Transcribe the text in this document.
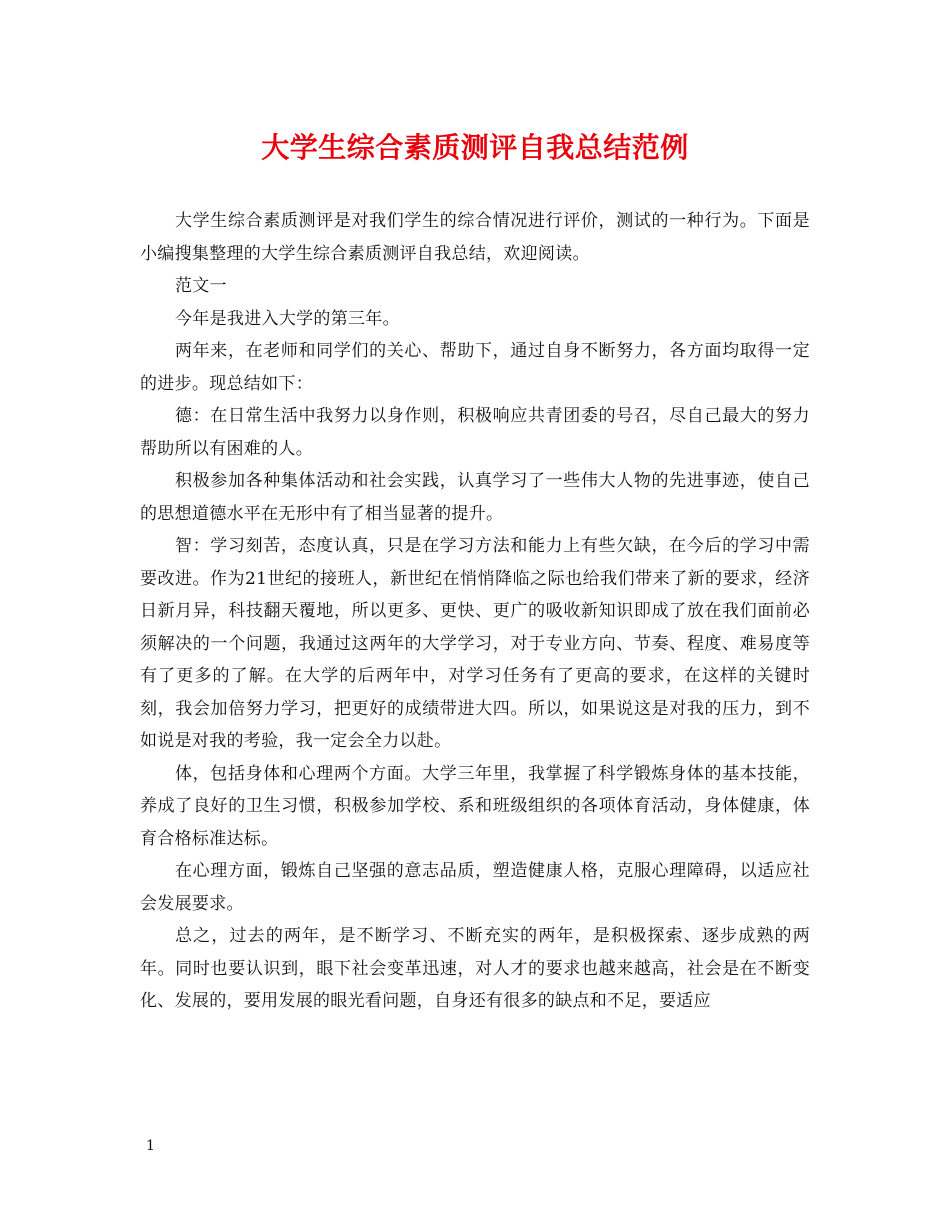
大学生综合素质测评自我总结范例

大学生综合素质测评是对我们学生的综合情况进行评价，测试的一种行为。下面是小编搜集整理的大学生综合素质测评自我总结，欢迎阅读。

范文一

今年是我进入大学的第三年。

两年来，在老师和同学们的关心、帮助下，通过自身不断努力，各方面均取得一定的进步。现总结如下：

德：在日常生活中我努力以身作则，积极响应共青团委的号召，尽自己最大的努力帮助所以有困难的人。

积极参加各种集体活动和社会实践，认真学习了一些伟大人物的先进事迹，使自己的思想道德水平在无形中有了相当显著的提升。

智：学习刻苦，态度认真，只是在学习方法和能力上有些欠缺，在今后的学习中需要改进。作为21世纪的接班人，新世纪在悄悄降临之际也给我们带来了新的要求，经济日新月异，科技翻天覆地，所以更多、更快、更广的吸收新知识即成了放在我们面前必须解决的一个问题，我通过这两年的大学学习，对于专业方向、节奏、程度、难易度等有了更多的了解。在大学的后两年中，对学习任务有了更高的要求，在这样的关键时刻，我会加倍努力学习，把更好的成绩带进大四。所以，如果说这是对我的压力，到不如说是对我的考验，我一定会全力以赴。

体，包括身体和心理两个方面。大学三年里，我掌握了科学锻炼身体的基本技能，养成了良好的卫生习惯，积极参加学校、系和班级组织的各项体育活动，身体健康，体育合格标准达标。

在心理方面，锻炼自己坚强的意志品质，塑造健康人格，克服心理障碍，以适应社会发展要求。

总之，过去的两年，是不断学习、不断充实的两年，是积极探索、逐步成熟的两年。同时也要认识到，眼下社会变革迅速，对人才的要求也越来越高，社会是在不断变化、发展的，要用发展的眼光看问题，自身还有很多的缺点和不足，要适应

1
